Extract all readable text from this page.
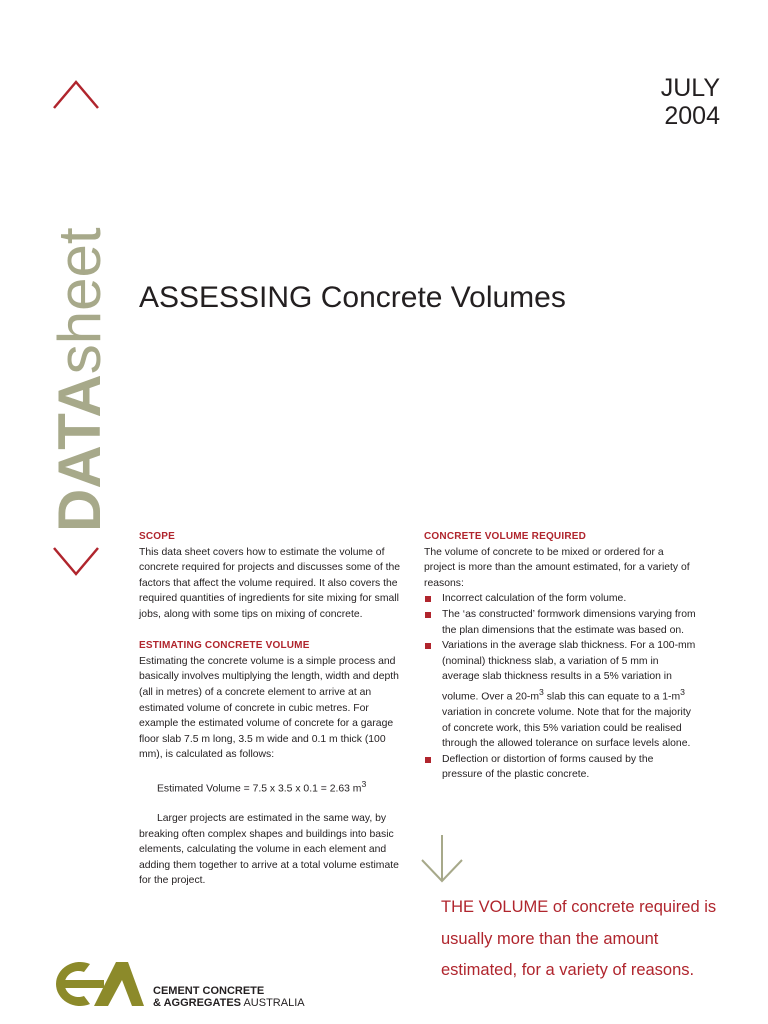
DATAsheet
JULY
2004
ASSESSING Concrete Volumes
SCOPE

This data sheet covers how to estimate the volume of concrete required for projects and discusses some of the factors that affect the volume required. It also covers the required quantities of ingredients for site mixing for small jobs, along with some tips on mixing of concrete.

ESTIMATING CONCRETE VOLUME

Estimating the concrete volume is a simple process and basically involves multiplying the length, width and depth (all in metres) of a concrete element to arrive at an estimated volume of concrete in cubic metres. For example the estimated volume of concrete for a garage floor slab 7.5 m long, 3.5 m wide and 0.1 m thick (100 mm), is calculated as follows:

Estimated Volume = 7.5 x 3.5 x 0.1 = 2.63 $m^3$

Larger projects are estimated in the same way, by breaking often complex shapes and buildings into basic elements, calculating the volume in each element and adding them together to arrive at a total volume estimate for the project.

CONCRETE VOLUME REQUIRED

The volume of concrete to be mixed or ordered for a project is more than the amount estimated, for a variety of reasons:

Incorrect calculation of the form volume.
The ‘as constructed’ formwork dimensions varying from the plan dimensions that the estimate was based on.
Variations in the average slab thickness. For a 100-mm (nominal) thickness slab, a variation of 5 mm in average slab thickness results in a 5% variation in volume. Over a $20-m^3$ slab this can equate to a $1-m^3$ variation in concrete volume. Note that for the majority of concrete work, this 5% variation could be realised through the allowed tolerance on surface levels alone.
Deflection or distortion of forms caused by the pressure of the plastic concrete.
THE VOLUME of concrete required is usually more than the amount estimated, for a variety of reasons.
CEMENT CONCRETE
& AGGREGATES AUSTRALIA
